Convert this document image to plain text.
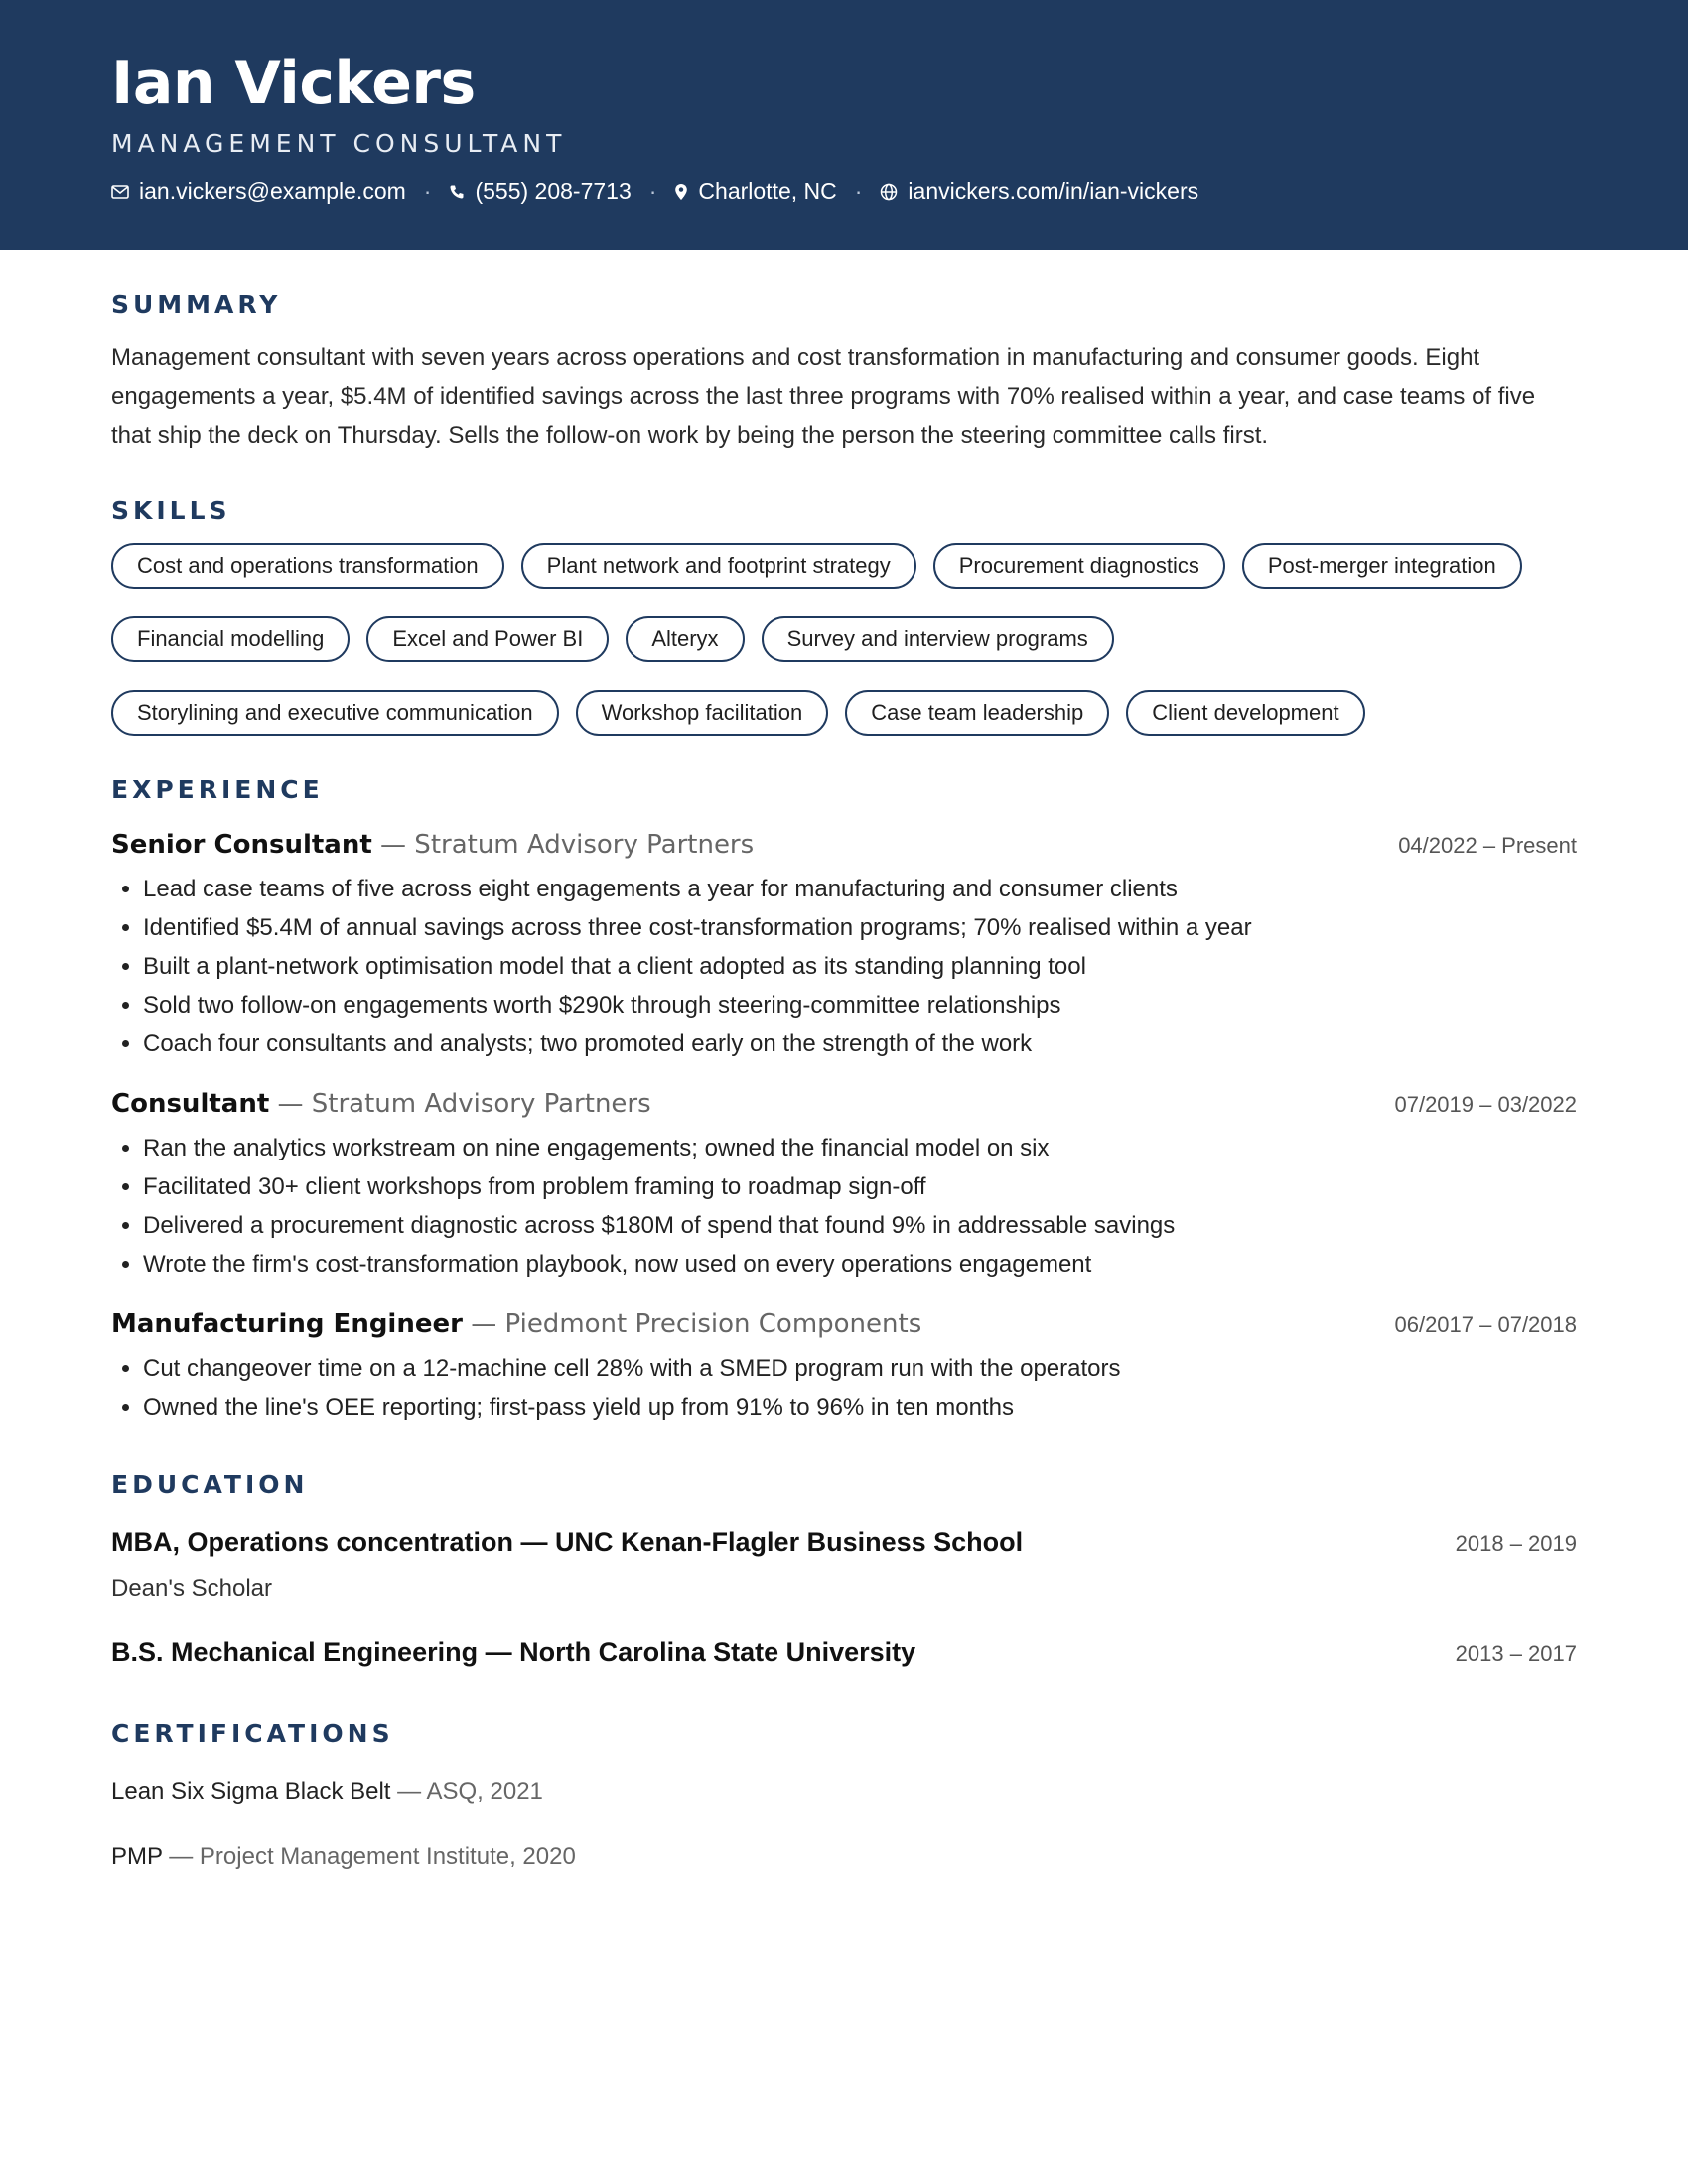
Ian Vickers
MANAGEMENT CONSULTANT
ian.vickers@example.com · (555) 208-7713 · Charlotte, NC · ianvickers.com/in/ian-vickers
SUMMARY
Management consultant with seven years across operations and cost transformation in manufacturing and consumer goods. Eight engagements a year, $5.4M of identified savings across the last three programs with 70% realised within a year, and case teams of five that ship the deck on Thursday. Sells the follow-on work by being the person the steering committee calls first.
SKILLS
Cost and operations transformation	Plant network and footprint strategy	Procurement diagnostics	Post-merger integration
Financial modelling	Excel and Power BI	Alteryx	Survey and interview programs
Storylining and executive communication	Workshop facilitation	Case team leadership	Client development
EXPERIENCE
Senior Consultant — Stratum Advisory Partners	04/2022 – Present
• Lead case teams of five across eight engagements a year for manufacturing and consumer clients
• Identified $5.4M of annual savings across three cost-transformation programs; 70% realised within a year
• Built a plant-network optimisation model that a client adopted as its standing planning tool
• Sold two follow-on engagements worth $290k through steering-committee relationships
• Coach four consultants and analysts; two promoted early on the strength of the work
Consultant — Stratum Advisory Partners	07/2019 – 03/2022
• Ran the analytics workstream on nine engagements; owned the financial model on six
• Facilitated 30+ client workshops from problem framing to roadmap sign-off
• Delivered a procurement diagnostic across $180M of spend that found 9% in addressable savings
• Wrote the firm's cost-transformation playbook, now used on every operations engagement
Manufacturing Engineer — Piedmont Precision Components	06/2017 – 07/2018
• Cut changeover time on a 12-machine cell 28% with a SMED program run with the operators
• Owned the line's OEE reporting; first-pass yield up from 91% to 96% in ten months
EDUCATION
MBA, Operations concentration — UNC Kenan-Flagler Business School	2018 – 2019
Dean's Scholar
B.S. Mechanical Engineering — North Carolina State University	2013 – 2017
CERTIFICATIONS
Lean Six Sigma Black Belt — ASQ, 2021
PMP — Project Management Institute, 2020
